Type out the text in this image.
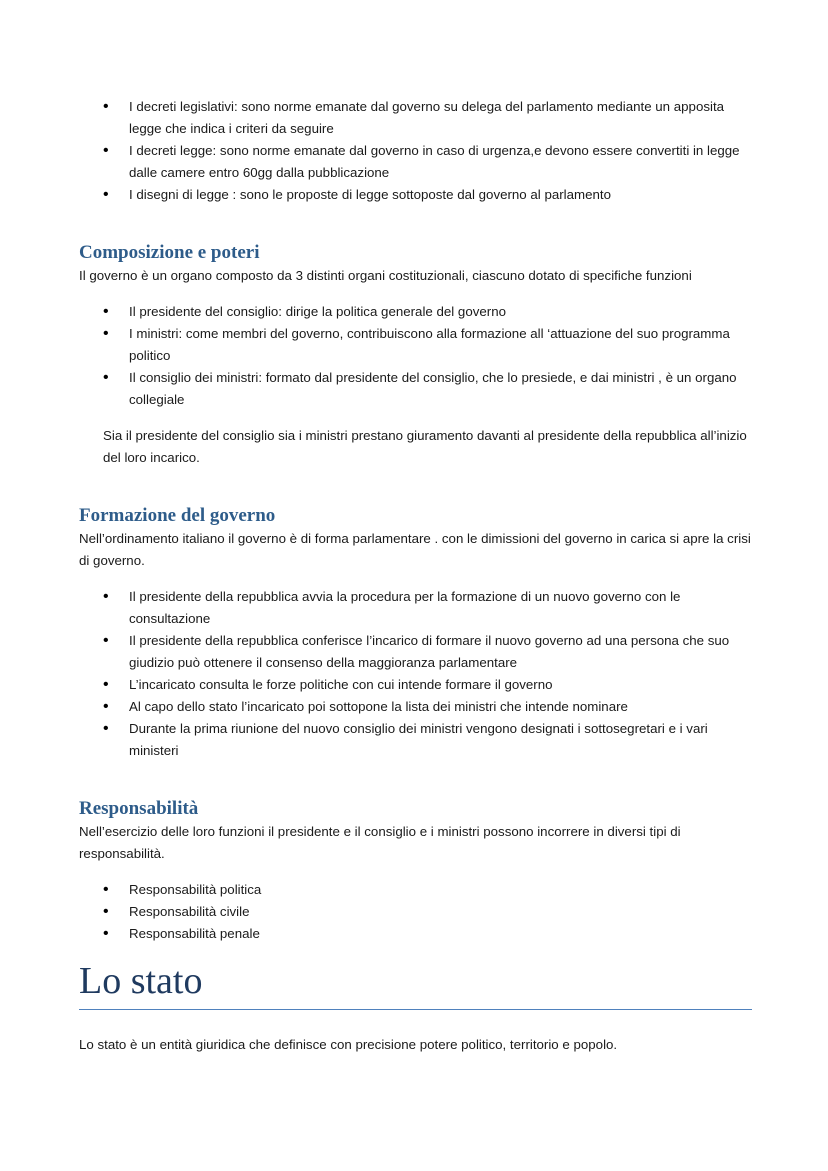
• I decreti legislativi: sono norme emanate dal governo su delega del parlamento mediante un apposita legge che indica i criteri da seguire
• I decreti legge: sono norme emanate dal governo in caso di urgenza,e devono essere convertiti in legge dalle camere entro 60gg dalla pubblicazione
• I disegni di legge : sono le proposte di legge sottoposte dal governo al parlamento
Composizione e poteri

Il governo è un organo composto da 3 distinti organi costituzionali, ciascuno dotato di specifiche funzioni

• Il presidente del consiglio: dirige la politica generale del governo
• I ministri: come membri del governo, contribuiscono alla formazione all ‘attuazione del suo programma politico
• Il consiglio dei ministri: formato dal presidente del consiglio, che lo presiede, e dai ministri , è un organo collegiale

Sia il presidente del consiglio sia i ministri prestano giuramento davanti al presidente della repubblica all’inizio del loro incarico.

Formazione del governo

Nell’ordinamento italiano il governo è di forma parlamentare . con le dimissioni del governo in carica si apre la crisi di governo.

• Il presidente della repubblica avvia la procedura per la formazione di un nuovo governo con le consultazione
• Il presidente della repubblica conferisce l’incarico di formare il nuovo governo ad una persona che suo giudizio può ottenere il consenso della maggioranza parlamentare
• L’incaricato consulta le forze politiche con cui intende formare il governo
• Al capo dello stato l’incaricato poi sottopone la lista dei ministri che intende nominare
• Durante la prima riunione del nuovo consiglio dei ministri vengono designati i sottosegretari e i vari ministeri
Responsabilità

Nell’esercizio delle loro funzioni il presidente e il consiglio e i ministri possono incorrere in diversi tipi di responsabilità.

• Responsabilità politica
• Responsabilità civile
• Responsabilità penale
Lo stato

Lo stato è un entità giuridica che definisce con precisione potere politico, territorio e popolo.
